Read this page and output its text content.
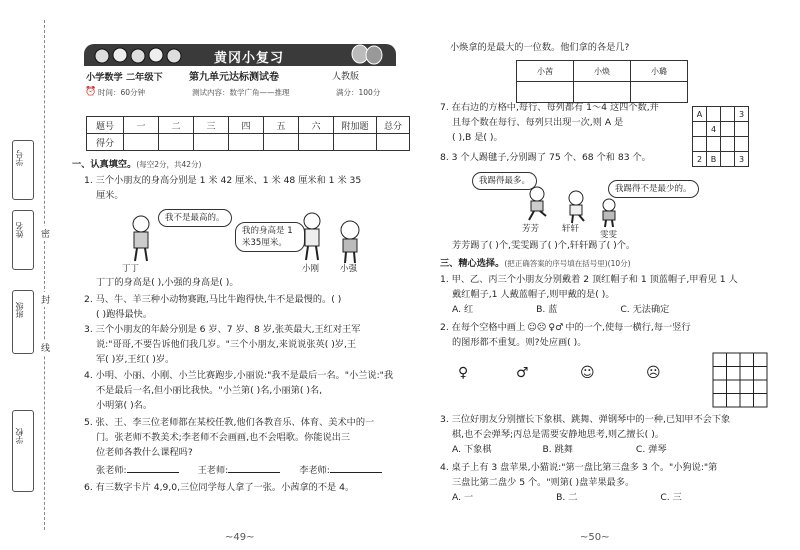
学号
姓名
班级
学校
密
封
线
黄冈小复习
小学数学 二年级下	第九单元达标测试卷	人教版
时间：60分钟
⏰	测试内容：数学广角——推理	满分：100分
题号	一	二	三	四	五	六	附加题	总分
得分								
一、认真填空。(每空2分，共42分)

1. 三个小朋友的身高分别是 1 米 42 厘米、1 米 48 厘米和 1 米 35

厘米。

我不是最高的。
我的身高是 1米35厘米。
丁丁	小刚 小强

丁丁的身高是( ),小强的身高是( )。

2. 马、牛、羊三种小动物赛跑,马比牛跑得快,牛不是最慢的。( )

( )跑得最快。

3. 三个小朋友的年龄分别是 6 岁、7 岁、8 岁,张英最大,王红对王军

说:"哥哥,不要告诉他们我几岁。"三个小朋友,来说说张英( )岁,王

军( )岁,王红( )岁。

4. 小明、小丽、小刚、小兰比赛跑步,小丽说:"我不是最后一名。"小兰说:"我

不是最后一名,但小丽比我快。"小兰第( )名,小丽第( )名,

小明第( )名。

5. 张、王、李三位老师都在某校任教,他们各教音乐、体育、美术中的一

门。张老师不教美术;李老师不会画画,也不会唱歌。你能说出三

位老师各教什么课程吗?

张老师:	王老师:	李老师:

6. 有三数字卡片 4,9,0,三位同学每人拿了一张。小茜拿的不是 4。

~49~

小焕拿的是最大的一位数。他们拿的各是几?

小茜	小焕	小璐

7. 在右边的方格中,每行、每列都有 1～4 这四个数,并

且每个数在每行、每列只出现一次,则 A 是

( ),B 是( )。

A			3
	4		

2	B		3

8. 3 个人踢毽子,分别踢了 75 个、68 个和 83 个。

我踢得最多。
我踢得不是最少的。
芳芳	轩轩
雯雯

芳芳踢了( )个,雯雯踢了( )个,轩轩踢了( )个。

三、精心选择。(把正确答案的序号填在括号里)(10分)

1. 甲、乙、丙三个小朋友分别戴着 2 顶红帽子和 1 顶蓝帽子,甲看见 1 人

戴红帽子,1 人戴蓝帽子,则甲戴的是( )。

A. 红	B. 蓝	C. 无法确定

2. 在每个空格中画上 ☺☹ ♀♂ 中的一个,使每一横行,每一竖行

的图形都不重复。则?处应画( )。

♀	♂	☺	☹

3. 三位好朋友分别擅长下象棋、跳舞、弹钢琴中的一种,已知甲不会下象

棋,也不会弹琴;丙总是需要安静地思考,则乙擅长( )。

A. 下象棋	B. 跳舞	C. 弹琴

4. 桌子上有 3 盘苹果,小猫说:"第一盘比第三盘多 3 个。"小狗说:"第

三盘比第二盘少 5 个。"则第( )盘苹果最多。

A. 一	B. 二	C. 三
~50~
